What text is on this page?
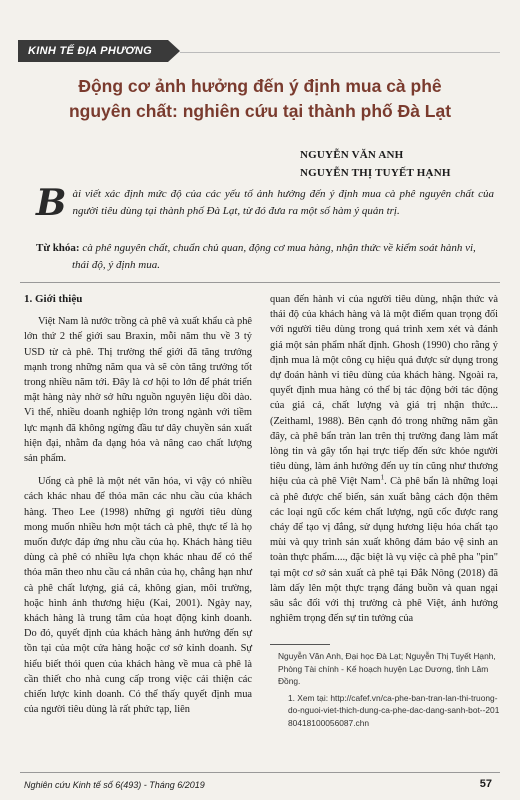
KINH TẾ ĐỊA PHƯƠNG
Động cơ ảnh hưởng đến ý định mua cà phê
nguyên chất: nghiên cứu tại thành phố Đà Lạt
NGUYỄN VĂN ANH
NGUYỄN THỊ TUYẾT HẠNH
B ài viết xác định mức độ của các yếu tố ảnh hưởng đến ý định mua cà phê nguyên chất của người tiêu dùng tại thành phố Đà Lạt, từ đó đưa ra một số hàm ý quản trị.
Từ khóa: cà phê nguyên chất, chuẩn chủ quan, động cơ mua hàng, nhận thức về kiểm soát hành vi, thái độ, ý định mua.
1. Giới thiệu

Việt Nam là nước trồng cà phê và xuất khẩu cà phê lớn thứ 2 thế giới sau Braxin, mỗi năm thu về 3 tỷ USD từ cà phê. Thị trường thế giới đã tăng trưởng mạnh trong những năm qua và sẽ còn tăng trưởng tốt trong nhiều năm tới. Đây là cơ hội to lớn để phát triển mặt hàng này nhờ sở hữu nguồn nguyên liệu dồi dào. Vì thế, nhiều doanh nghiệp lớn trong ngành với tiềm lực mạnh đã không ngừng đầu tư dây chuyền sản xuất hiện đại, nhằm đa dạng hóa và nâng cao chất lượng sản phẩm.

Uống cà phê là một nét văn hóa, vì vậy có nhiều cách khác nhau để thỏa mãn các nhu cầu của khách hàng. Theo Lee (1998) những gì người tiêu dùng mong muốn nhiều hơn một tách cà phê, thực tế là họ muốn được đáp ứng nhu cầu của họ. Khách hàng tiêu dùng cà phê có nhiều lựa chọn khác nhau để có thể thỏa mãn theo nhu cầu cá nhân của họ, chẳng hạn như cà phê chất lượng, giá cả, không gian, môi trường, hoặc hình ảnh thương hiệu (Kai, 2001). Ngày nay, khách hàng là trung tâm của hoạt động kinh doanh. Do đó, quyết định của khách hàng ảnh hưởng đến sự tồn tại của một cửa hàng hoặc cơ sở kinh doanh. Sự hiểu biết thói quen của khách hàng về mua cà phê là cần thiết cho nhà cung cấp trong việc cải thiện các chiến lược kinh doanh. Có thể thấy quyết định mua của người tiêu dùng là rất phức tạp, liên

quan đến hành vi của người tiêu dùng, nhận thức và thái độ của khách hàng và là một điểm quan trọng đối với người tiêu dùng trong quá trình xem xét và đánh giá một sản phẩm nhất định. Ghosh (1990) cho rằng ý định mua là một công cụ hiệu quả được sử dụng trong dự đoán hành vi tiêu dùng của khách hàng. Ngoài ra, quyết định mua hàng có thể bị tác động bởi tác động của giá cả, chất lượng và giá trị nhận thức... (Zeithaml, 1988). Bên cạnh đó trong những năm gần đây, cà phê bẩn tràn lan trên thị trường đang làm mất lòng tin và gây tổn hại trực tiếp đến sức khỏe người tiêu dùng, làm ảnh hưởng đến uy tín cũng như thương hiệu của cà phê Việt Nam$^1$. Cà phê bẩn là những loại cà phê được chế biến, sản xuất bằng cách độn thêm các loại ngũ cốc kém chất lượng, ngũ cốc được rang cháy để tạo vị đắng, sử dụng hương liệu hóa chất tạo mùi và quy trình sản xuất không đảm bảo vệ sinh an toàn thực phẩm...., đặc biệt là vụ việc cà phê pha "pin" tại một cơ sở sản xuất cà phê tại Đắk Nông (2018) đã làm dấy lên một thực trạng đáng buồn và quan ngại sâu sắc đối với thị trường cà phê Việt, ảnh hưởng nghiêm trọng đến sự tin tưởng của

Nguyễn Văn Anh, Đại học Đà Lạt; Nguyễn Thị Tuyết Hạnh, Phòng Tài chính - Kế hoạch huyện Lạc Dương, tỉnh Lâm Đồng.

1. Xem tại: http://cafef.vn/ca-phe-ban-tran-lan-thi-truong-do-nguoi-viet-thich-dung-ca-phe-dac-dang-sanh-bot--20180418100056087.chn

Nghiên cứu Kinh tế số 6(493) - Tháng 6/2019	57
